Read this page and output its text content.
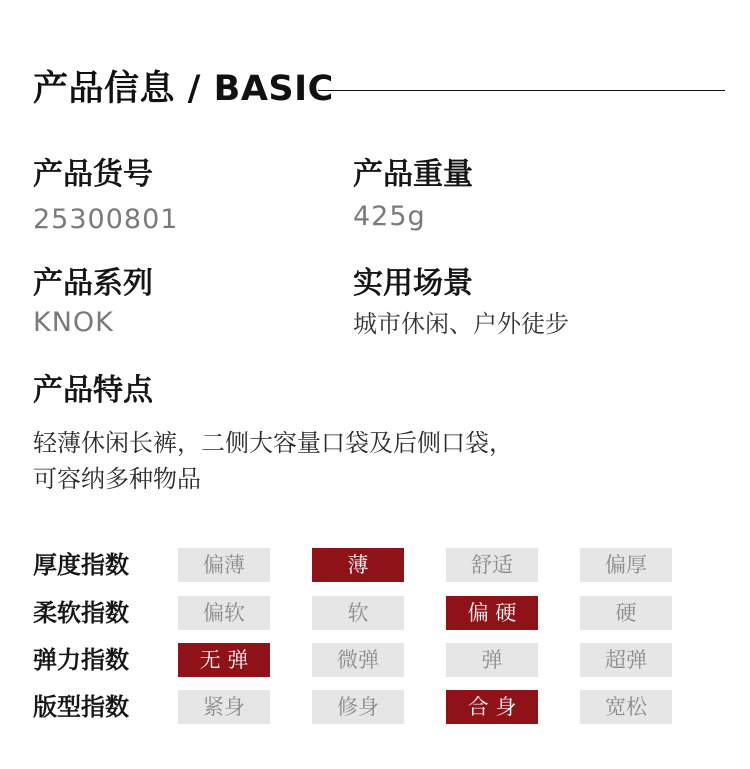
产品信息 / BASIC
产品货号
25300801
产品重量
425g
产品系列
KNOK
实用场景
城市休闲、户外徒步
产品特点
轻薄休闲长裤，二侧大容量口袋及后侧口袋，
可容纳多种物品
厚度指数	偏薄	薄	舒适	偏厚
柔软指数	偏软	软	偏 硬	硬
弹力指数	无 弹	微弹	弹	超弹
版型指数	紧身	修身	合 身	宽松
